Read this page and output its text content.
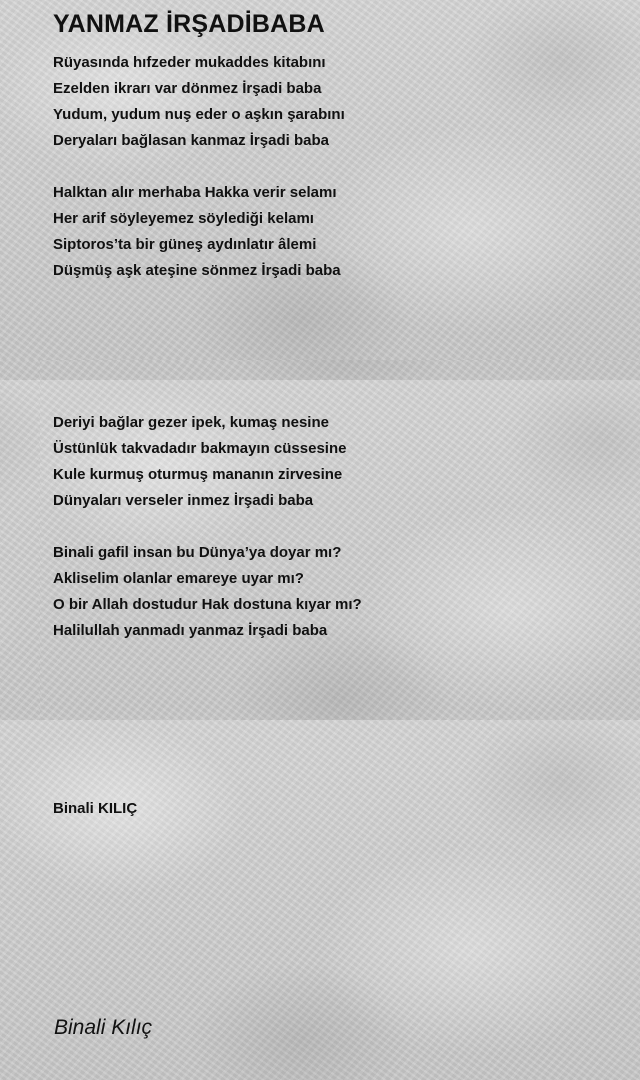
YANMAZ İRŞADİBABA

Rüyasında hıfzeder mukaddes kitabını
Ezelden ikrarı var dönmez İrşadi baba
Yudum, yudum nuş eder o aşkın şarabını
Deryaları bağlasan kanmaz İrşadi baba

Halktan alır merhaba Hakka verir selamı
Her arif söyleyemez söylediği kelamı
Siptoros’ta bir güneş aydınlatır âlemi
Düşmüş aşk ateşine sönmez İrşadi baba

Deriyi bağlar gezer ipek, kumaş nesine
Üstünlük takvadadır bakmayın cüssesine
Kule kurmuş oturmuş mananın zirvesine
Dünyaları verseler inmez İrşadi baba

Binali gafil insan bu Dünya’ya doyar mı?
Akliselim olanlar emareye uyar mı?
O bir Allah dostudur Hak dostuna kıyar mı?
Halilullah yanmadı yanmaz İrşadi baba

Binali KILIÇ
Binali Kılıç
